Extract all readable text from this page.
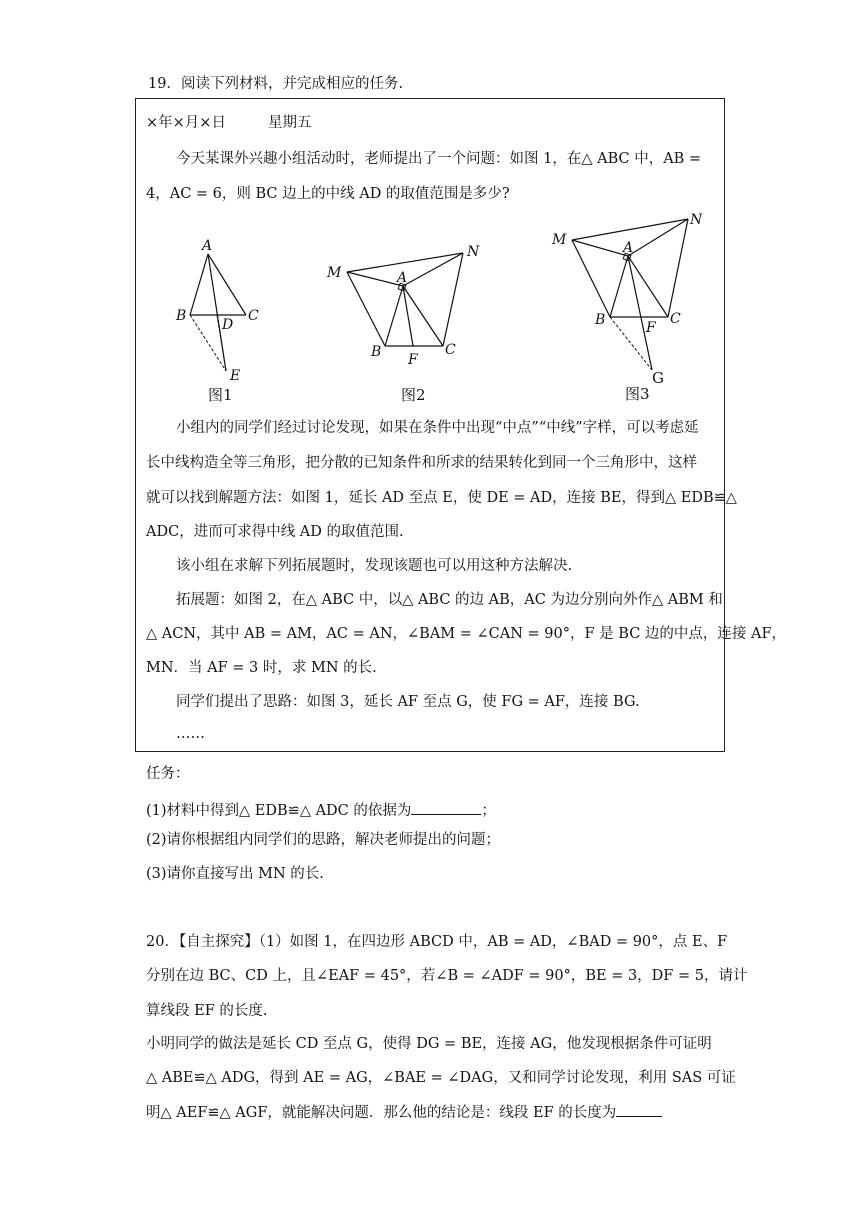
19．阅读下列材料，并完成相应的任务.
×年×月×日	星期五
今天某课外兴趣小组活动时，老师提出了一个问题：如图 1，在△ ABC 中，AB =
4，AC = 6，则 BC 边上的中线 AD 的取值范围是多少?
A
B	C
D
E
图1
M
N
A
B	C
F
图2
M
N
A
B	C
F
G
图3
小组内的同学们经过讨论发现，如果在条件中出现“中点”“中线”字样，可以考虑延
长中线构造全等三角形，把分散的已知条件和所求的结果转化到同一个三角形中，这样
就可以找到解题方法：如图 1，延长 AD 至点 E，使 DE = AD，连接 BE，得到△ EDB≌△
ADC，进而可求得中线 AD 的取值范围.
该小组在求解下列拓展题时，发现该题也可以用这种方法解决.
拓展题：如图 2，在△ ABC 中，以△ ABC 的边 AB，AC 为边分别向外作△ ABM 和
△ ACN，其中 AB = AM，AC = AN，∠BAM = ∠CAN = 90°，F 是 BC 边的中点，连接 AF，
MN．当 AF = 3 时，求 MN 的长.
同学们提出了思路：如图 3，延长 AF 至点 G，使 FG = AF，连接 BG.
……
任务：
(1)材料中得到△ EDB≌△ ADC 的依据为	；
(2)请你根据组内同学们的思路，解决老师提出的问题；
(3)请你直接写出 MN 的长.
20．【自主探究】（1）如图 1，在四边形 ABCD 中，AB = AD，∠BAD = 90°，点 E、F
分别在边 BC、CD 上，且∠EAF = 45°，若∠B = ∠ADF = 90°，BE = 3，DF = 5，请计
算线段 EF 的长度.
小明同学的做法是延长 CD 至点 G，使得 DG = BE，连接 AG，他发现根据条件可证明
△ ABE≌△ ADG，得到 AE = AG，∠BAE = ∠DAG，又和同学讨论发现，利用 SAS 可证
明△ AEF≌△ AGF，就能解决问题．那么他的结论是：线段 EF 的长度为
